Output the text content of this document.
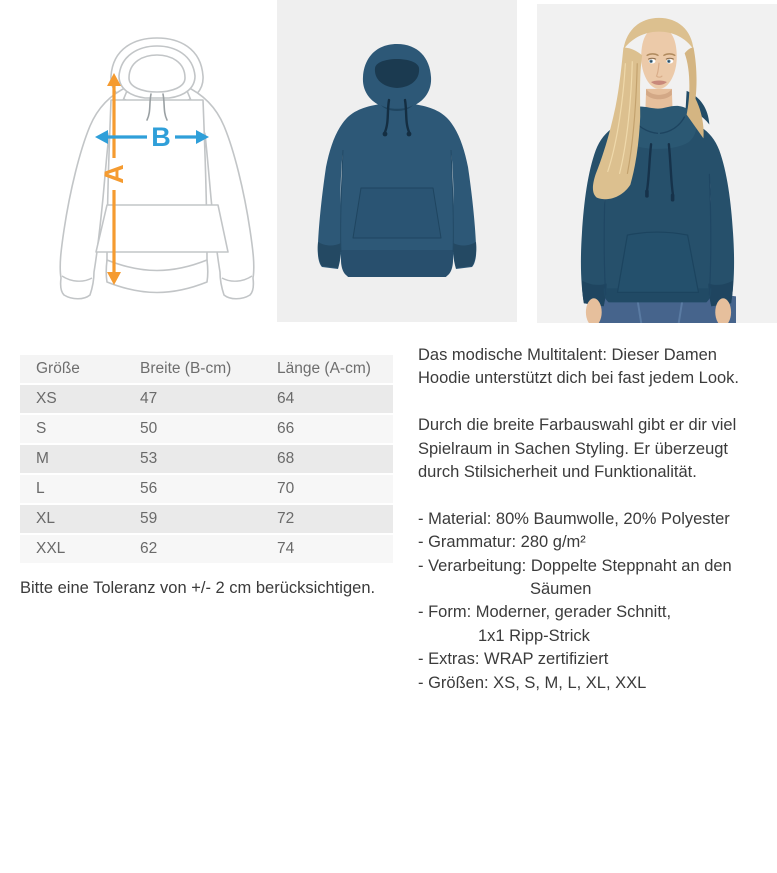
A
B
Größe	Breite (B-cm)	Länge (A-cm)
XS	47	64
S	50	66
M	53	68
L	56	70
XL	59	72
XXL	62	74
Bitte eine Toleranz von +/- 2 cm berücksichtigen.
Das modische Multitalent: Dieser Damen
Hoodie unterstützt dich bei fast jedem Look.
Durch die breite Farbauswahl gibt er dir viel
Spielraum in Sachen Styling. Er überzeugt
durch Stilsicherheit und Funktionalität.
- Material: 80% Baumwolle, 20% Polyester
- Grammatur: 280 g/m²
- Verarbeitung: Doppelte Steppnaht an den
Säumen
- Form: Moderner, gerader Schnitt,
1x1 Ripp-Strick
- Extras: WRAP zertifiziert
- Größen: XS, S, M, L, XL, XXL
